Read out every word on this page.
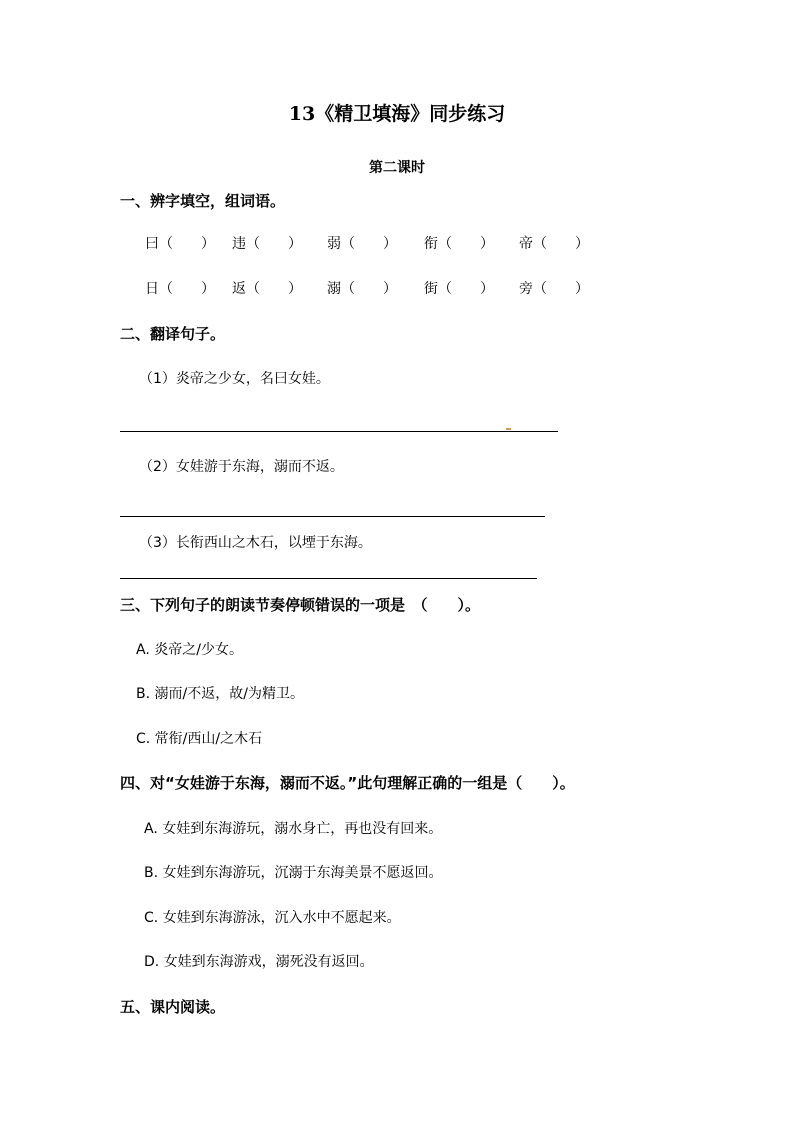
13《精卫填海》同步练习
第二课时
一、辨字填空，组词语。
曰（　　） 违（　　） 弱（　　） 衔（　　） 帝（　　）
日（　　） 返（　　） 溺（　　） 街（　　） 旁（　　）
二、翻译句子。
（1）炎帝之少女，名曰女娃。
（2）女娃游于东海，溺而不返。
（3）长衔西山之木石，以堙于东海。
三、下列句子的朗读节奏停顿错误的一项是　（　　）。
A. 炎帝之/少女。
B. 溺而/不返，故/为精卫。
C. 常衔/西山/之木石
四、对“女娃游于东海，溺而不返。”此句理解正确的一组是（　　）。
A. 女娃到东海游玩，溺水身亡，再也没有回来。
B. 女娃到东海游玩，沉溺于东海美景不愿返回。
C. 女娃到东海游泳，沉入水中不愿起来。
D. 女娃到东海游戏，溺死没有返回。
五、课内阅读。
